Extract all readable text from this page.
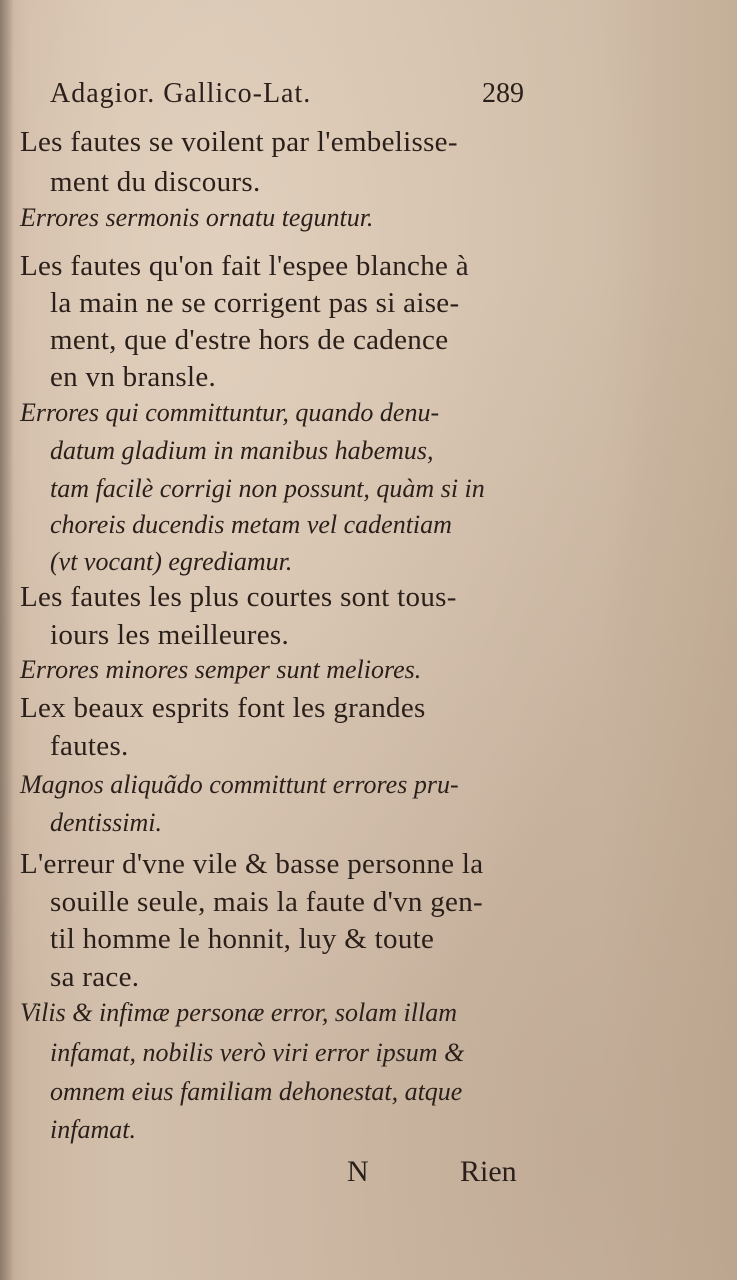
Adagior. Gallico-Lat.	289
Les fautes se voilent par l'embelisse-
ment du discours.
Errores sermonis ornatu teguntur.
Les fautes qu'on fait l'espee blanche à
la main ne se corrigent pas si aise-
ment, que d'estre hors de cadence
en vn bransle.
Errores qui committuntur, quando denu-
datum gladium in manibus habemus,
tam facilè corrigi non possunt, quàm si in
choreis ducendis metam vel cadentiam
(vt vocant) egrediamur.
Les fautes les plus courtes sont tous-
iours les meilleures.
Errores minores semper sunt meliores.
Lex beaux esprits font les grandes
fautes.
Magnos aliquãdo committunt errores pru-
dentissimi.
L'erreur d'vne vile & basse personne la
souille seule, mais la faute d'vn gen-
til homme le honnit, luy & toute
sa race.
Vilis & infimæ personæ error, solam illam
infamat, nobilis verò viri error ipsum &
omnem eius familiam dehonestat, atque
infamat.
N	Rien
